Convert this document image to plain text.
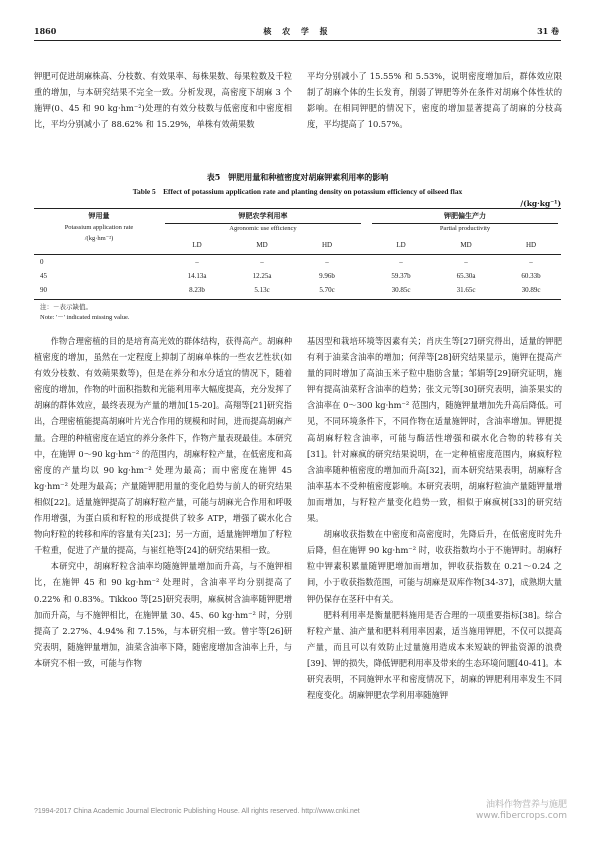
1860	核 农 学 报	31 卷

钾肥可促进胡麻株高、分枝数、有效果率、每株果数、每果粒数及千粒重的增加，与本研究结果不完全一致。分析发现，高密度下胡麻 3 个施钾(0、45 和 90 kg·hm⁻²)处理的有效分枝数与低密度和中密度相比，平均分别减小了 88.62% 和 15.29%，单株有效蒴果数

平均分别减小了 15.55% 和 5.53%，说明密度增加后，群体效应限制了胡麻个体的生长发育，削弱了钾肥等外在条件对胡麻个体性状的影响。在相同钾肥的情况下，密度的增加显著提高了胡麻的分枝高度，平均提高了 10.57%。

表5　钾肥用量和种植密度对胡麻钾素利用率的影响
Table 5　Effect of potassium application rate and planting density on potassium efficiency of oilseed flax
/(kg·kg⁻¹)
钾用量
Potassium application rate
/(kg·hm⁻²)
钾肥农学利用率
Agronomic use efficiency
钾肥偏生产力
Partial productivity
LD	MD	HD	LD	MD	HD
0	–	–	–	–	–	–
45	14.13a	12.25a	9.96b	59.37b	65.30a	60.33b
90	8.23b	5.13c	5.70c	30.85c	31.65c	30.89c
注：－表示缺值。
Note: '－' indicated missing value.

作物合理密植的目的是培育高光效的群体结构，获得高产。胡麻种植密度的增加，虽然在一定程度上抑制了胡麻单株的一些农艺性状(如有效分枝数、有效蒴果数等)，但是在养分和水分适宜的情况下，随着密度的增加，作物的叶面积指数和光能利用率大幅度提高，充分发挥了胡麻的群体效应，最终表现为产量的增加[15-20]。高翔等[21]研究指出，合理密植能提高胡麻叶片光合作用的规模和时间，进而提高胡麻产量。合理的种植密度在适宜的养分条件下，作物产量表现最佳。本研究中，在施钾 0～90 kg·hm⁻² 的范围内，胡麻籽粒产量，在低密度和高密度的产量均以 90 kg·hm⁻² 处理为最高；而中密度在施钾 45 kg·hm⁻² 处理为最高；产量随钾肥用量的变化趋势与前人的研究结果相似[22]。适量施钾提高了胡麻籽粒产量，可能与胡麻光合作用和呼吸作用增强，为蛋白质和籽粒的形成提供了较多 ATP，增强了碳水化合物向籽粒的转移和库的容量有关[23]；另一方面，适量施钾增加了籽粒千粒重，促进了产量的提高，与崔红艳等[24]的研究结果相一致。

本研究中，胡麻籽粒含油率均随施钾量增加而升高，与不施钾相比，在施钾 45 和 90 kg·hm⁻² 处理时，含油率平均分别提高了 0.22% 和 0.83%。Tikkoo 等[25]研究表明，麻疯树含油率随钾肥增加而升高，与不施钾相比，在施钾量 30、45、60 kg·hm⁻² 时，分别提高了 2.27%、4.94% 和 7.15%，与本研究相一致。曾宇等[26]研究表明，随施钾量增加，油菜含油率下降，随密度增加含油率上升，与本研究不相一致，可能与作物

基因型和栽培环境等因素有关；肖庆生等[27]研究得出，适量的钾肥有利于油菜含油率的增加；何萍等[28]研究结果显示，施钾在提高产量的同时增加了高油玉米子粒中脂肪含量；邹娟等[29]研究证明，施钾有提高油菜籽含油率的趋势；张文元等[30]研究表明，油茶果实的含油率在 0～300 kg·hm⁻² 范围内，随施钾量增加先升高后降低。可见，不同环境条件下，不同作物在适量施钾时，含油率增加。钾肥提高胡麻籽粒含油率，可能与酶活性增强和碳水化合物的转移有关[31]。针对麻疯的研究结果说明，在一定种植密度范围内，麻疯籽粒含油率随种植密度的增加而升高[32]，而本研究结果表明，胡麻籽含油率基本不受种植密度影响。本研究表明，胡麻籽粒油产量随钾量增加而增加，与籽粒产量变化趋势一致，相似于麻疯树[33]的研究结果。

胡麻收获指数在中密度和高密度时，先降后升，在低密度时先升后降，但在施钾 90 kg·hm⁻² 时，收获指数均小于不施钾时。胡麻籽粒中钾素积累量随钾肥增加而增加，钾收获指数在 0.21～0.24 之间，小于收获指数范围，可能与胡麻是双库作物[34-37]，成熟期大量钾仍保存在茎秆中有关。

肥料利用率是衡量肥料施用是否合理的一项重要指标[38]。综合籽粒产量、油产量和肥料利用率因素，适当施用钾肥，不仅可以提高产量，而且可以有效防止过量施用造成本来短缺的钾盐资源的浪费[39]、钾的损失，降低钾肥利用率及带来的生态环境问题[40-41]。本研究表明，不同施钾水平和密度情况下，胡麻的钾肥利用率发生不同程度变化。胡麻钾肥农学利用率随施钾

?1994-2017 China Academic Journal Electronic Publishing House. All rights reserved. http://www.cnki.net
油料作物营养与施肥
www.fibercrops.com
